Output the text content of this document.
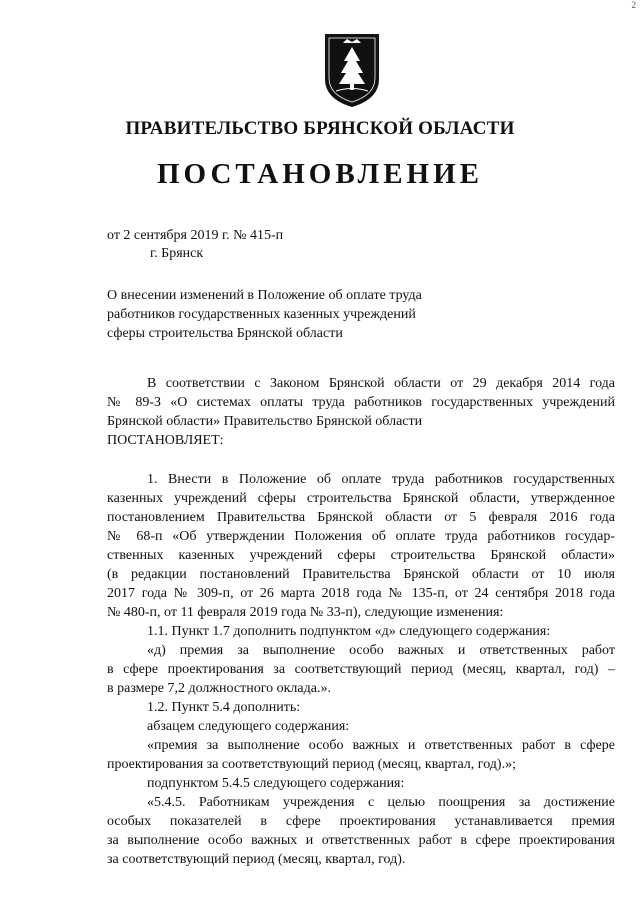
2
ПРАВИТЕЛЬСТВО БРЯНСКОЙ ОБЛАСТИ
ПОСТАНОВЛЕНИЕ
от 2 сентября 2019 г. № 415-п
г. Брянск
О внесении изменений в Положение об оплате труда
работников государственных казенных учреждений
сферы строительства Брянской области

В соответствии с Законом Брянской области от 29 декабря 2014 года

№ 89-З «О системах оплаты труда работников государственных учреждений

Брянской области» Правительство Брянской области

ПОСТАНОВЛЯЕТ:

1. Внести в Положение об оплате труда работников государственных

казенных учреждений сферы строительства Брянской области, утвержденное

постановлением Правительства Брянской области от 5 февраля 2016 года

№ 68-п «Об утверждении Положения об оплате труда работников государ-

ственных казенных учреждений сферы строительства Брянской области»

(в редакции постановлений Правительства Брянской области от 10 июля

2017 года № 309-п, от 26 марта 2018 года № 135-п, от 24 сентября 2018 года

№ 480-п, от 11 февраля 2019 года № 33-п), следующие изменения:

1.1. Пункт 1.7 дополнить подпунктом «д» следующего содержания:

«д) премия за выполнение особо важных и ответственных работ

в сфере проектирования за соответствующий период (месяц, квартал, год) –

в размере 7,2 должностного оклада.».

1.2. Пункт 5.4 дополнить:

абзацем следующего содержания:

«премия за выполнение особо важных и ответственных работ в сфере

проектирования за соответствующий период (месяц, квартал, год).»;

подпунктом 5.4.5 следующего содержания:

«5.4.5. Работникам учреждения с целью поощрения за достижение

особых показателей в сфере проектирования устанавливается премия

за выполнение особо важных и ответственных работ в сфере проектирования

за соответствующий период (месяц, квартал, год).
